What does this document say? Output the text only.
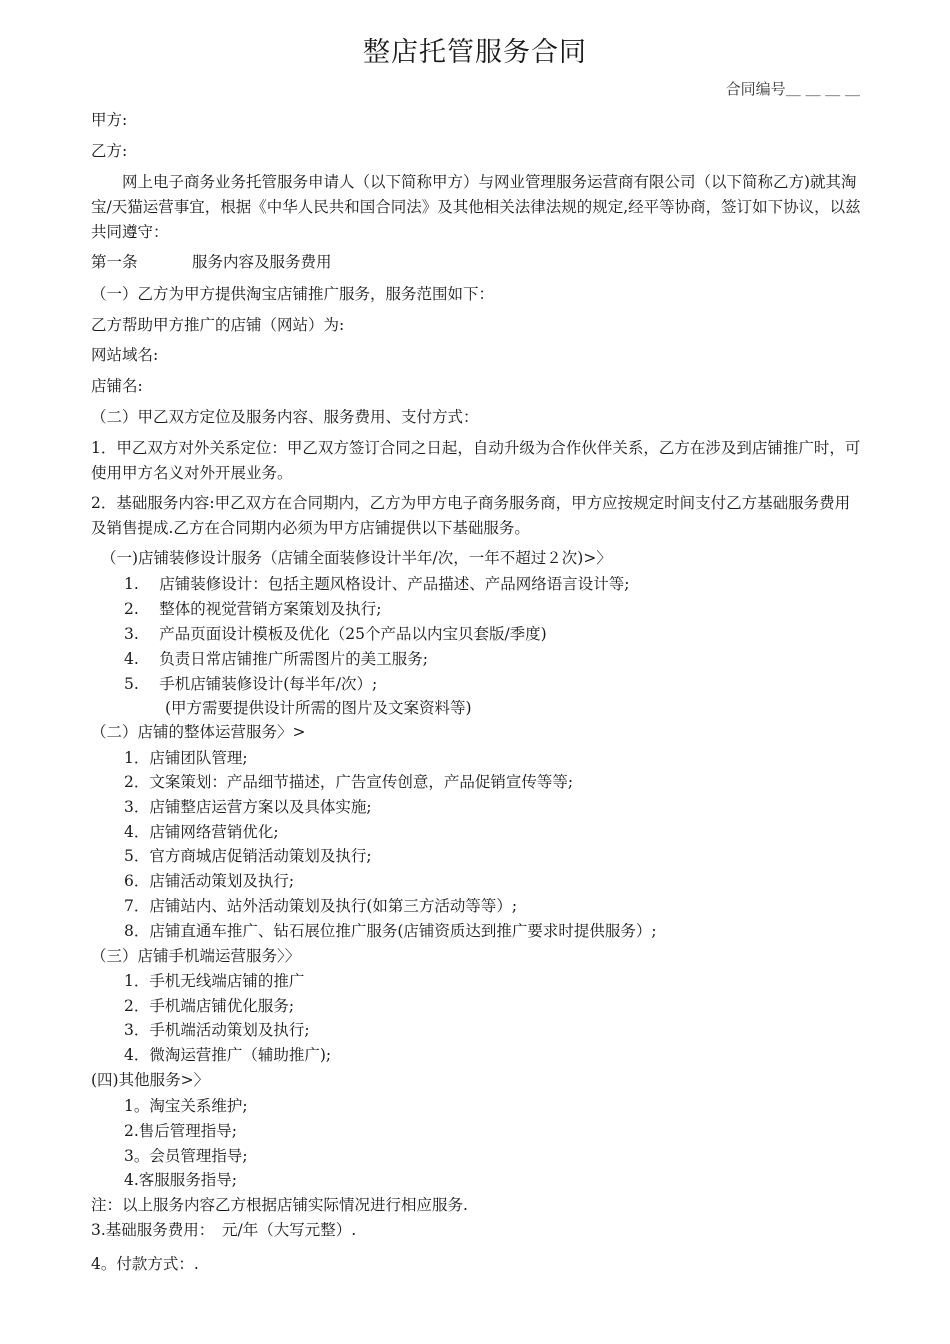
整店托管服务合同
合同编号＿ ＿ ＿ ＿
甲方:
乙方:
网上电子商务业务托管服务申请人（以下简称甲方）与网业管理服务运营商有限公司（以下简称乙方)就其淘宝/天猫运营事宜，根据《中华人民共和国合同法》及其他相关法律法规的规定,经平等协商，签订如下协议，以兹共同遵守：
第一条	服务内容及服务费用
（一）乙方为甲方提供淘宝店铺推广服务，服务范围如下：
乙方帮助甲方推广的店铺（网站）为:
网站域名:
店铺名:
（二）甲乙双方定位及服务内容、服务费用、支付方式：
1．甲乙双方对外关系定位：甲乙双方签订合同之日起，自动升级为合作伙伴关系，乙方在涉及到店铺推广时，可使用甲方名义对外开展业务。
2．基础服务内容:甲乙双方在合同期内，乙方为甲方电子商务服务商，甲方应按规定时间支付乙方基础服务费用及销售提成.乙方在合同期内必须为甲方店铺提供以下基础服务。
（一)店铺装修设计服务（店铺全面装修设计半年/次，一年不超过２次)>〉
1.　 店铺装修设计：包括主题风格设计、产品描述、产品网络语言设计等;
2.　 整体的视觉营销方案策划及执行;
3.　 产品页面设计模板及优化（25个产品以内宝贝套版/季度)
4.　 负责日常店铺推广所需图片的美工服务;
5.　 手机店铺装修设计(每半年/次）;
(甲方需要提供设计所需的图片及文案资料等)
（二）店铺的整体运营服务〉>
1．店铺团队管理;
2．文案策划：产品细节描述，广告宣传创意，产品促销宣传等等;
3．店铺整店运营方案以及具体实施;
4．店铺网络营销优化;
5．官方商城店促销活动策划及执行;
6．店铺活动策划及执行;
7．店铺站内、站外活动策划及执行(如第三方活动等等）;
8．店铺直通车推广、钻石展位推广服务(店铺资质达到推广要求时提供服务）;
（三）店铺手机端运营服务〉〉
1．手机无线端店铺的推广
2．手机端店铺优化服务;
3．手机端活动策划及执行;
4．微淘运营推广（辅助推广);
(四)其他服务>〉
1。淘宝关系维护;
2.售后管理指导;
3。会员管理指导;
4.客服服务指导;
注：以上服务内容乙方根据店铺实际情况进行相应服务.
3.基础服务费用：　元/年（大写元整）.
4。付款方式：.
